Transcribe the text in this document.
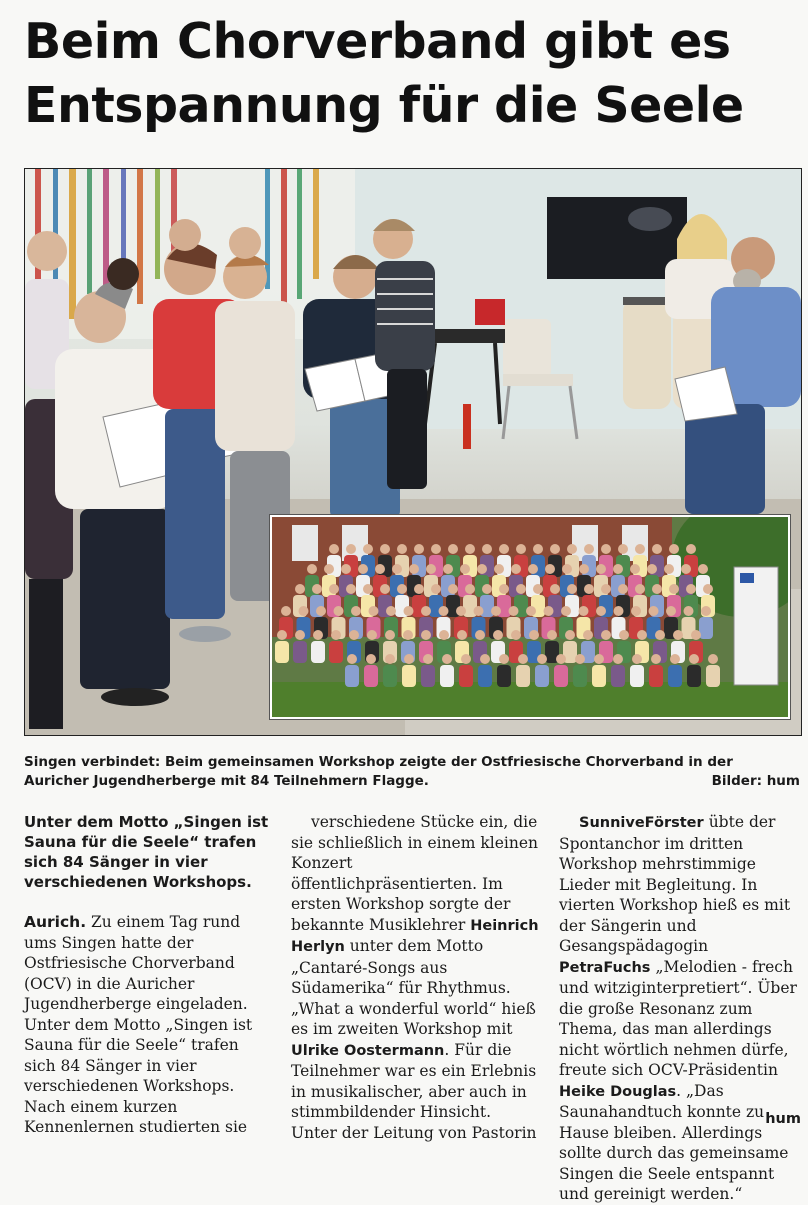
Beim Chorverband gibt es Entspannung für die Seele
Singen verbindet: Beim gemeinsamen Workshop zeigte der Ostfriesische Chorverband in der Auricher Jugendherberge mit 84 Teilnehmern Flagge.	Bilder: hum

Unter dem Motto „Singen ist Sauna für die Seele“ trafen sich 84 Sänger in vier verschiedenen Workshops.

Aurich. Zu einem Tag rund ums Singen hatte der Ostfriesische Chorverband (OCV) in die Auricher Jugendherberge eingeladen. Unter dem Motto „Singen ist Sauna für die Seele“ trafen sich 84 Sänger in vier verschiedenen Workshops. Nach einem kurzen Kennenlernen studierten sie

verschiedene Stücke ein, die sie schließlich in einem kleinen Konzert öffentlichpräsentierten. Im ersten Workshop sorgte der bekannte Musiklehrer Heinrich Herlyn unter dem Motto „Cantaré-Songs aus Südamerika“ für Rhythmus. „What a wonderful world“ hieß es im zweiten Workshop mit Ulrike Oostermann. Für die Teilnehmer war es ein Erlebnis in musikalischer, aber auch in stimmbildender Hinsicht. Unter der Leitung von Pastorin

SunniveFörster übte der Spontanchor im dritten Workshop mehrstimmige Lieder mit Begleitung. In vierten Workshop hieß es mit der Sängerin und Gesangspädagogin PetraFuchs „Melodien - frech und witziginterpretiert“. Über die große Resonanz zum Thema, das man allerdings nicht wörtlich nehmen dürfe, freute sich OCV-Präsidentin Heike Douglas. „Das Saunahandtuch konnte zu Hause bleiben. Allerdings sollte durch das gemeinsame Singen die Seele entspannt und gereinigt werden.“

hum
